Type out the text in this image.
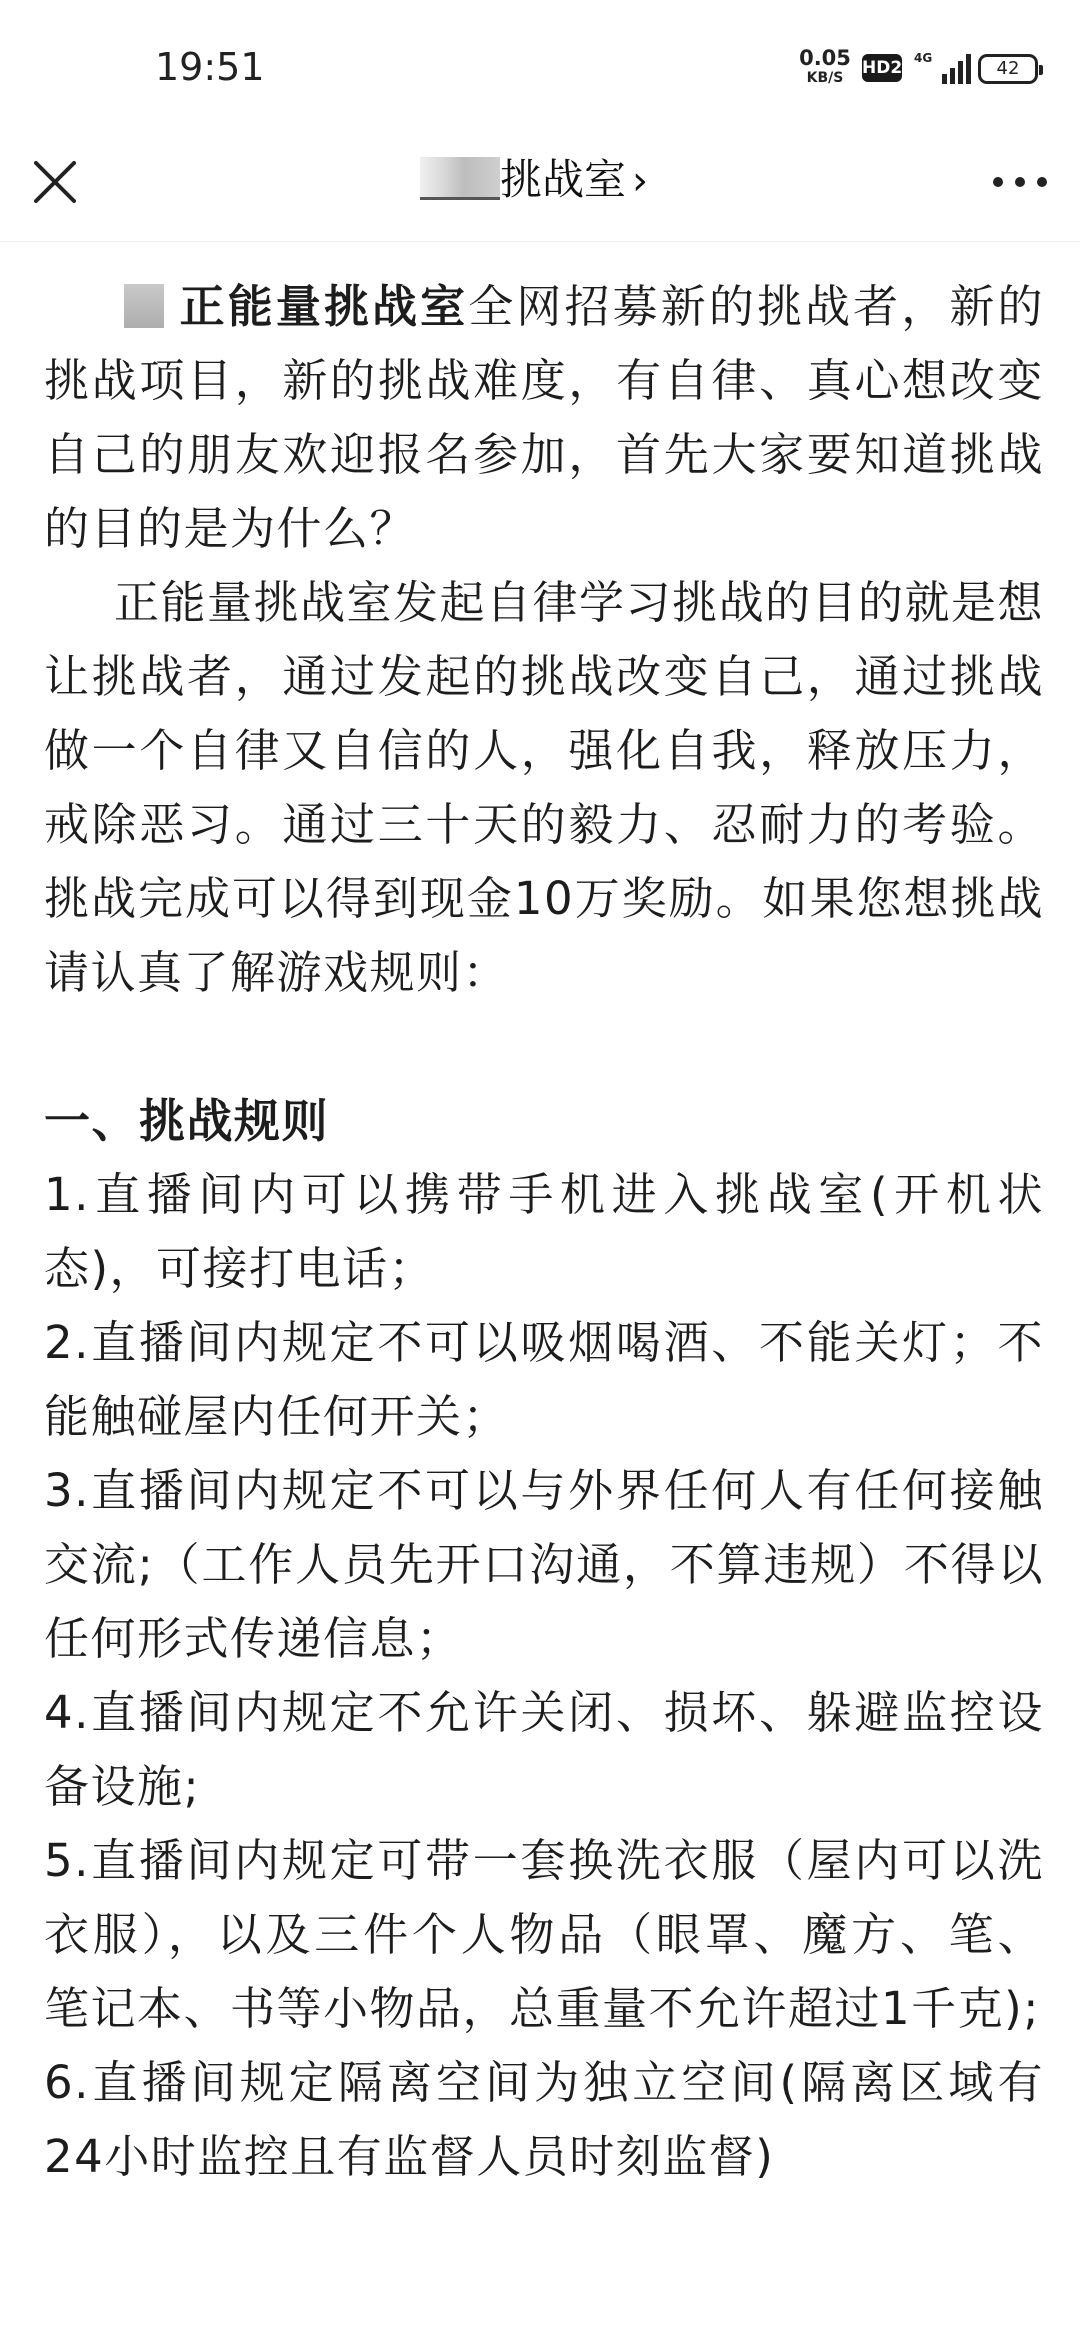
19:51	0.05
KB/S	HD2 4G	42
挑战室 ›

正能量挑战室全网招募新的挑战者，新的挑战项目，新的挑战难度，有自律、真心想改变自己的朋友欢迎报名参加，首先大家要知道挑战的目的是为什么？

正能量挑战室发起自律学习挑战的目的就是想让挑战者，通过发起的挑战改变自己，通过挑战做一个自律又自信的人，强化自我，释放压力，戒除恶习。通过三十天的毅力、忍耐力的考验。挑战完成可以得到现金10万奖励。如果您想挑战请认真了解游戏规则：

一、挑战规则

1.直播间内可以携带手机进入挑战室(开机状态)，可接打电话；

2.直播间内规定不可以吸烟喝酒、不能关灯；不能触碰屋内任何开关；

3.直播间内规定不可以与外界任何人有任何接触交流;（工作人员先开口沟通，不算违规）不得以任何形式传递信息；

4.直播间内规定不允许关闭、损坏、躲避监控设备设施;

5.直播间内规定可带一套换洗衣服（屋内可以洗衣服），以及三件个人物品（眼罩、魔方、笔、笔记本、书等小物品，总重量不允许超过1千克);

6.直播间规定隔离空间为独立空间(隔离区域有24小时监控且有监督人员时刻监督)
